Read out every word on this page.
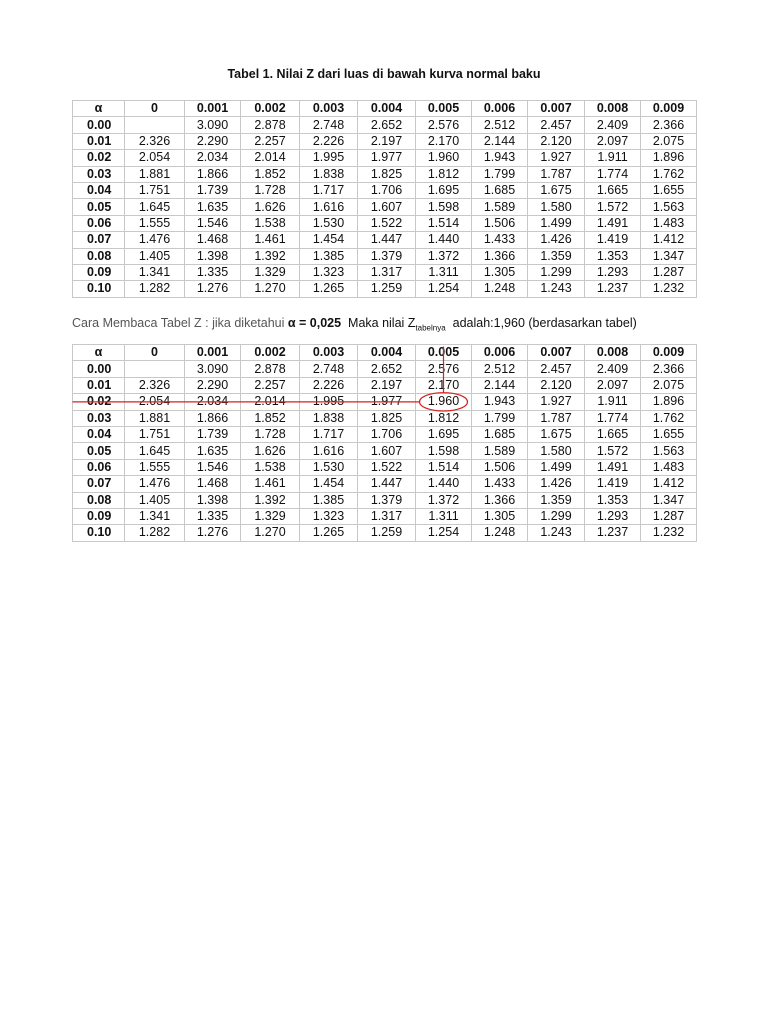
Tabel 1. Nilai Z dari luas di bawah kurva normal baku
α	0	0.001	0.002	0.003	0.004	0.005	0.006	0.007	0.008	0.009
0.00		3.090	2.878	2.748	2.652	2.576	2.512	2.457	2.409	2.366
0.01	2.326	2.290	2.257	2.226	2.197	2.170	2.144	2.120	2.097	2.075
0.02	2.054	2.034	2.014	1.995	1.977	1.960	1.943	1.927	1.911	1.896
0.03	1.881	1.866	1.852	1.838	1.825	1.812	1.799	1.787	1.774	1.762
0.04	1.751	1.739	1.728	1.717	1.706	1.695	1.685	1.675	1.665	1.655
0.05	1.645	1.635	1.626	1.616	1.607	1.598	1.589	1.580	1.572	1.563
0.06	1.555	1.546	1.538	1.530	1.522	1.514	1.506	1.499	1.491	1.483
0.07	1.476	1.468	1.461	1.454	1.447	1.440	1.433	1.426	1.419	1.412
0.08	1.405	1.398	1.392	1.385	1.379	1.372	1.366	1.359	1.353	1.347
0.09	1.341	1.335	1.329	1.323	1.317	1.311	1.305	1.299	1.293	1.287
0.10	1.282	1.276	1.270	1.265	1.259	1.254	1.248	1.243	1.237	1.232
Cara Membaca Tabel Z : jika diketahui α = 0,025 Maka nilai $Z_{tabelnya}$ adalah:1,960 (berdasarkan tabel)
α	0	0.001	0.002	0.003	0.004	0.005	0.006	0.007	0.008	0.009
0.00		3.090	2.878	2.748	2.652	2.576	2.512	2.457	2.409	2.366
0.01	2.326	2.290	2.257	2.226	2.197	2.170	2.144	2.120	2.097	2.075
0.02	2.054	2.034	2.014	1.995	1.977	1.960	1.943	1.927	1.911	1.896
0.03	1.881	1.866	1.852	1.838	1.825	1.812	1.799	1.787	1.774	1.762
0.04	1.751	1.739	1.728	1.717	1.706	1.695	1.685	1.675	1.665	1.655
0.05	1.645	1.635	1.626	1.616	1.607	1.598	1.589	1.580	1.572	1.563
0.06	1.555	1.546	1.538	1.530	1.522	1.514	1.506	1.499	1.491	1.483
0.07	1.476	1.468	1.461	1.454	1.447	1.440	1.433	1.426	1.419	1.412
0.08	1.405	1.398	1.392	1.385	1.379	1.372	1.366	1.359	1.353	1.347
0.09	1.341	1.335	1.329	1.323	1.317	1.311	1.305	1.299	1.293	1.287
0.10	1.282	1.276	1.270	1.265	1.259	1.254	1.248	1.243	1.237	1.232
